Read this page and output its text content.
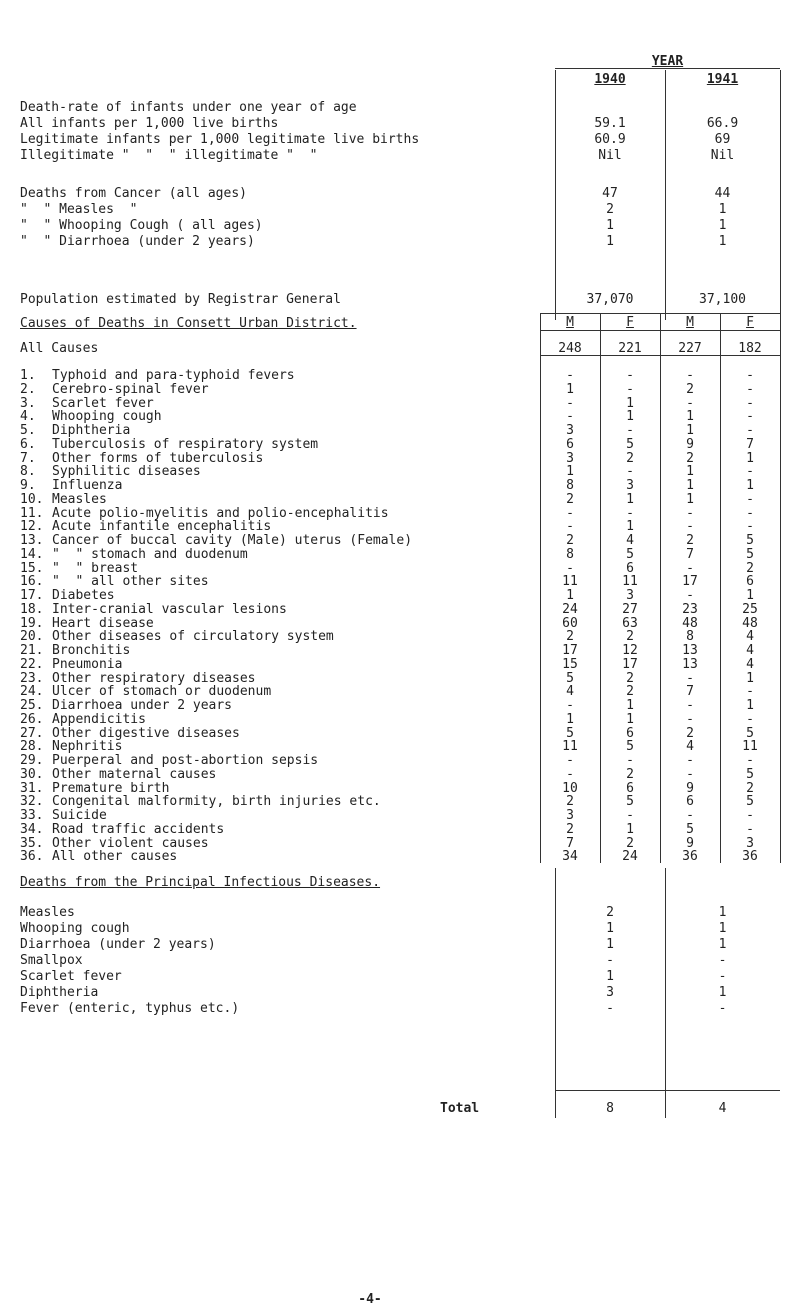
YEAR
1940	1941
Death-rate of infants under one year of age
All infants per 1,000 live births	59.1	66.9
Legitimate infants per 1,000 legitimate live births	60.9	69
Illegitimate "  "  " illegitimate "  "	Nil	Nil
Deaths from Cancer (all ages)	47	44
"  " Measles  "	2	1
"  " Whooping Cough ( all ages)	1	1
"  " Diarrhoea (under 2 years)	1	1
Population estimated by Registrar General	37,070	37,100
Causes of Deaths in Consett Urban District.	M	F	M	F
All Causes	248	221	227	182
1. Typhoid and para-typhoid fevers	-	-	-	-
2. Cerebro-spinal fever	1	-	2	-
3. Scarlet fever	-	1	-	-
4. Whooping cough	-	1	1	-
5. Diphtheria	3	-	1	-
6. Tuberculosis of respiratory system	6	5	9	7
7. Other forms of tuberculosis	3	2	2	1
8. Syphilitic diseases	1	-	1	-
9. Influenza	8	3	1	1
10. Measles	2	1	1	-
11. Acute polio-myelitis and polio-encephalitis	-	-	-	-
12. Acute infantile encephalitis	-	1	-	-
13. Cancer of buccal cavity (Male) uterus (Female)	2	4	2	5
14. "  " stomach and duodenum	8	5	7	5
15. "  " breast	-	6	-	2
16. "  " all other sites	11	11	17	6
17. Diabetes	1	3	-	1
18. Inter-cranial vascular lesions	24	27	23	25
19. Heart disease	60	63	48	48
20. Other diseases of circulatory system	2	2	8	4
21. Bronchitis	17	12	13	4
22. Pneumonia	15	17	13	4
23. Other respiratory diseases	5	2	-	1
24. Ulcer of stomach or duodenum	4	2	7	-
25. Diarrhoea under 2 years	-	1	-	1
26. Appendicitis	1	1	-	-
27. Other digestive diseases	5	6	2	5
28. Nephritis	11	5	4	11
29. Puerperal and post-abortion sepsis	-	-	-	-
30. Other maternal causes	-	2	-	5
31. Premature birth	10	6	9	2
32. Congenital malformity, birth injuries etc.	2	5	6	5
33. Suicide	3	-	-	-
34. Road traffic accidents	2	1	5	-
35. Other violent causes	7	2	9	3
36. All other causes	34	24	36	36
Deaths from the Principal Infectious Diseases.
Measles	2	1
Whooping cough	1	1
Diarrhoea (under 2 years)	1	1
Smallpox	-	-
Scarlet fever	1	-
Diphtheria	3	1
Fever (enteric, typhus etc.)	-	-
Total	8	4
-4-
